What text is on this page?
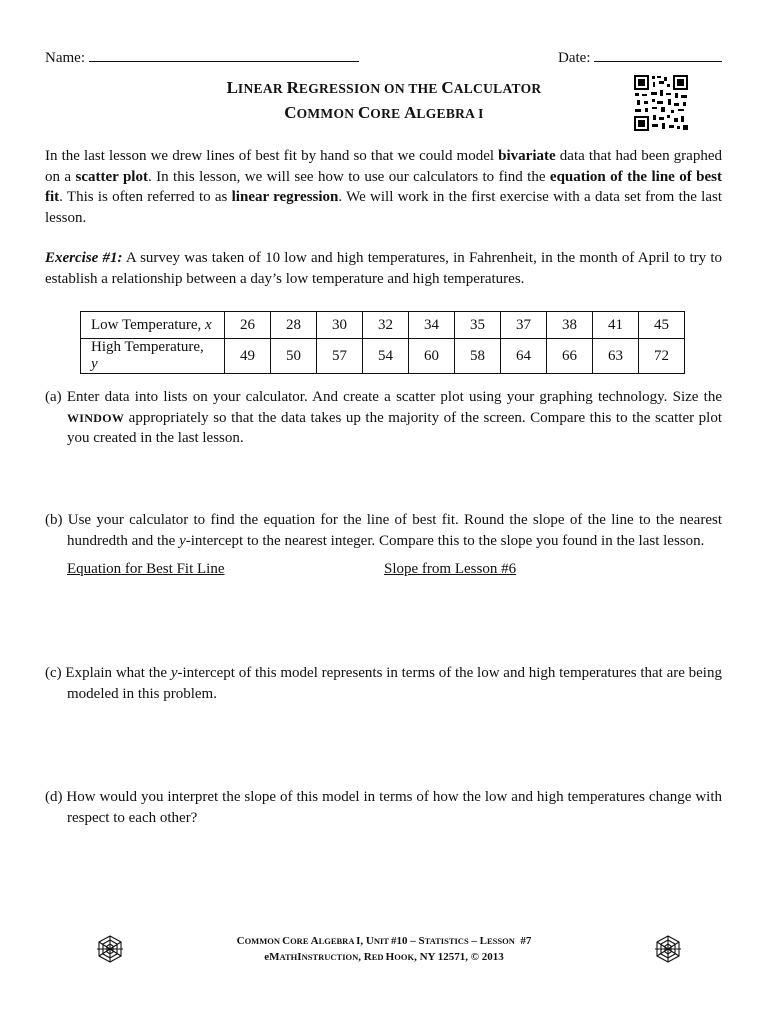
Name:	Date:
LINEAR REGRESSION ON THE CALCULATOR
COMMON CORE ALGEBRA I
In the last lesson we drew lines of best fit by hand so that we could model bivariate data that had been graphed on a scatter plot. In this lesson, we will see how to use our calculators to find the equation of the line of best fit. This is often referred to as linear regression. We will work in the first exercise with a data set from the last lesson.
Exercise #1: A survey was taken of 10 low and high temperatures, in Fahrenheit, in the month of April to try to establish a relationship between a day’s low temperature and high temperatures.
Low Temperature, x	26	28	30	32	34	35	37	38	41	45
High Temperature, y	49	50	57	54	60	58	64	66	63	72
(a) Enter data into lists on your calculator. And create a scatter plot using your graphing technology. Size the WINDOW appropriately so that the data takes up the majority of the screen. Compare this to the scatter plot you created in the last lesson.
(b) Use your calculator to find the equation for the line of best fit. Round the slope of the line to the nearest hundredth and the y-intercept to the nearest integer. Compare this to the slope you found in the last lesson.
Equation for Best Fit Line	Slope from Lesson #6
(c) Explain what the y-intercept of this model represents in terms of the low and high temperatures that are being modeled in this problem.
(d) How would you interpret the slope of this model in terms of how the low and high temperatures change with respect to each other?
COMMON CORE ALGEBRA I, UNIT #10 – STATISTICS – LESSON  #7
eMATHINSTRUCTION, RED HOOK, NY 12571, © 2013
